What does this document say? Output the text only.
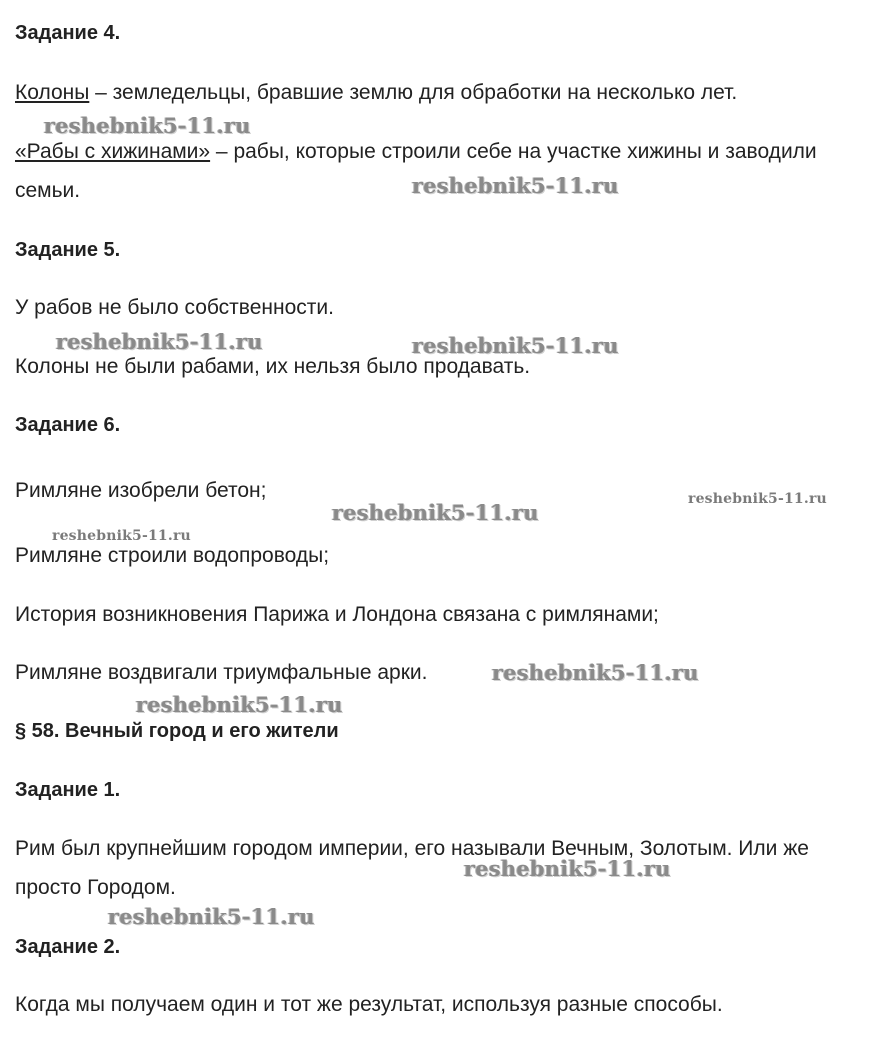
Задание 4.
Колоны – земледельцы, бравшие землю для обработки на несколько лет.
«Рабы с хижинами» – рабы, которые строили себе на участке хижины и заводили
семьи.
Задание 5.
У рабов не было собственности.
Колоны не были рабами, их нельзя было продавать.
Задание 6.
Римляне изобрели бетон;
Римляне строили водопроводы;
История возникновения Парижа и Лондона связана с римлянами;
Римляне воздвигали триумфальные арки.
§ 58. Вечный город и его жители
Задание 1.
Рим был крупнейшим городом империи, его называли Вечным, Золотым. Или же
просто Городом.
Задание 2.
Когда мы получаем один и тот же результат, используя разные способы.
reshebnik5-11.ru
reshebnik5-11.ru
reshebnik5-11.ru	reshebnik5-11.ru
reshebnik5-11.ru
reshebnik5-11.ru
reshebnik5-11.ru
reshebnik5-11.ru
reshebnik5-11.ru
reshebnik5-11.ru
reshebnik5-11.ru
